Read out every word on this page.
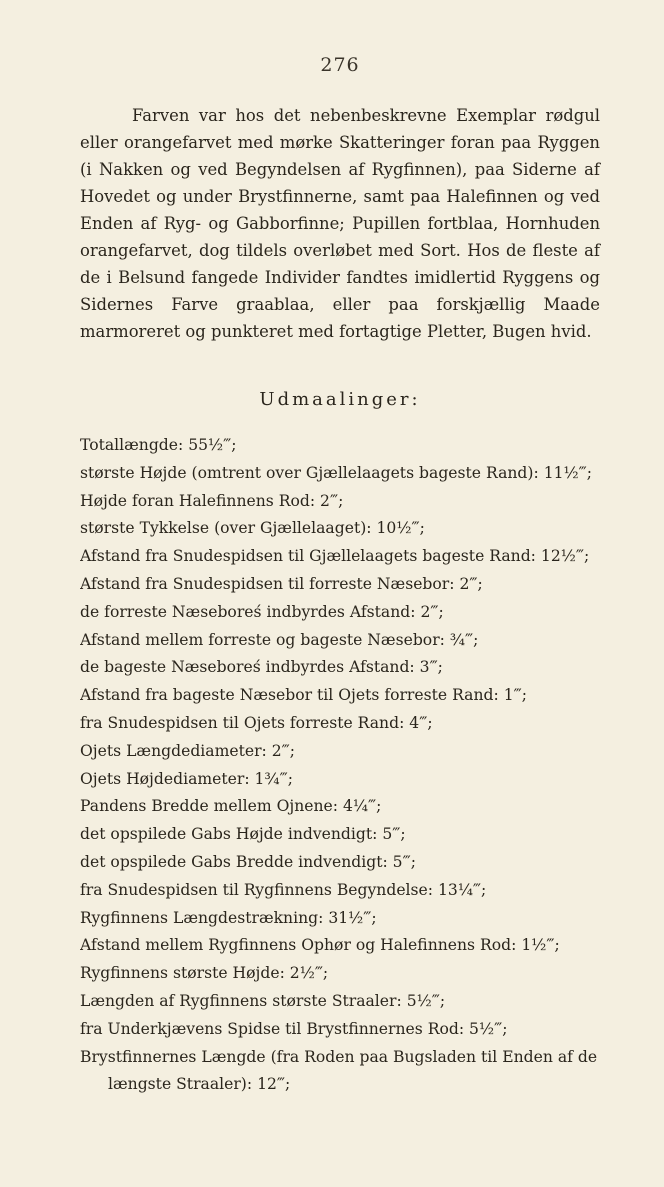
276

Farven var hos det nebenbeskrevne Exemplar rødgul eller orangefarvet med mørke Skatteringer foran paa Ryggen (i Nakken og ved Begyndelsen af Rygfinnen), paa Siderne af Hovedet og under Brystfinnerne, samt paa Halefinnen og ved Enden af Ryg- og Gabborfinne; Pupillen fortblaa, Hornhuden orangefarvet, dog tildels overløbet med Sort. Hos de fleste af de i Belsund fangede Individer fandtes imidlertid Ryggens og Sidernes Farve graablaa, eller paa forskjællig Maade marmoreret og punkteret med fortagtige Pletter, Bugen hvid.

Udmaalinger:
Totallængde: 55½‴;
største Højde (omtrent over Gjællelaagets bageste Rand): 11½‴;
Højde foran Halefinnens Rod: 2‴;
største Tykkelse (over Gjællelaaget): 10½‴;
Afstand fra Snudespidsen til Gjællelaagets bageste Rand: 12½‴;
Afstand fra Snudespidsen til forreste Næsebor: 2‴;
de forreste Næseboreś indbyrdes Afstand: 2‴;
Afstand mellem forreste og bageste Næsebor: ¾‴;
de bageste Næseboreś indbyrdes Afstand: 3‴;
Afstand fra bageste Næsebor til Ojets forreste Rand: 1‴;
fra Snudespidsen til Ojets forreste Rand: 4‴;
Ojets Længdediameter: 2‴;
Ojets Højdediameter: 1¾‴;
Pandens Bredde mellem Ojnene: 4¼‴;
det opspilede Gabs Højde indvendigt: 5‴;
det opspilede Gabs Bredde indvendigt: 5‴;
fra Snudespidsen til Rygfinnens Begyndelse: 13¼‴;
Rygfinnens Længdestrækning: 31½‴;
Afstand mellem Rygfinnens Ophør og Halefinnens Rod: 1½‴;
Rygfinnens største Højde: 2½‴;
Længden af Rygfinnens største Straaler: 5½‴;
fra Underkjævens Spidse til Brystfinnernes Rod: 5½‴;
Brystfinnernes Længde (fra Roden paa Bugsladen til Enden af de
længste Straaler): 12‴;
